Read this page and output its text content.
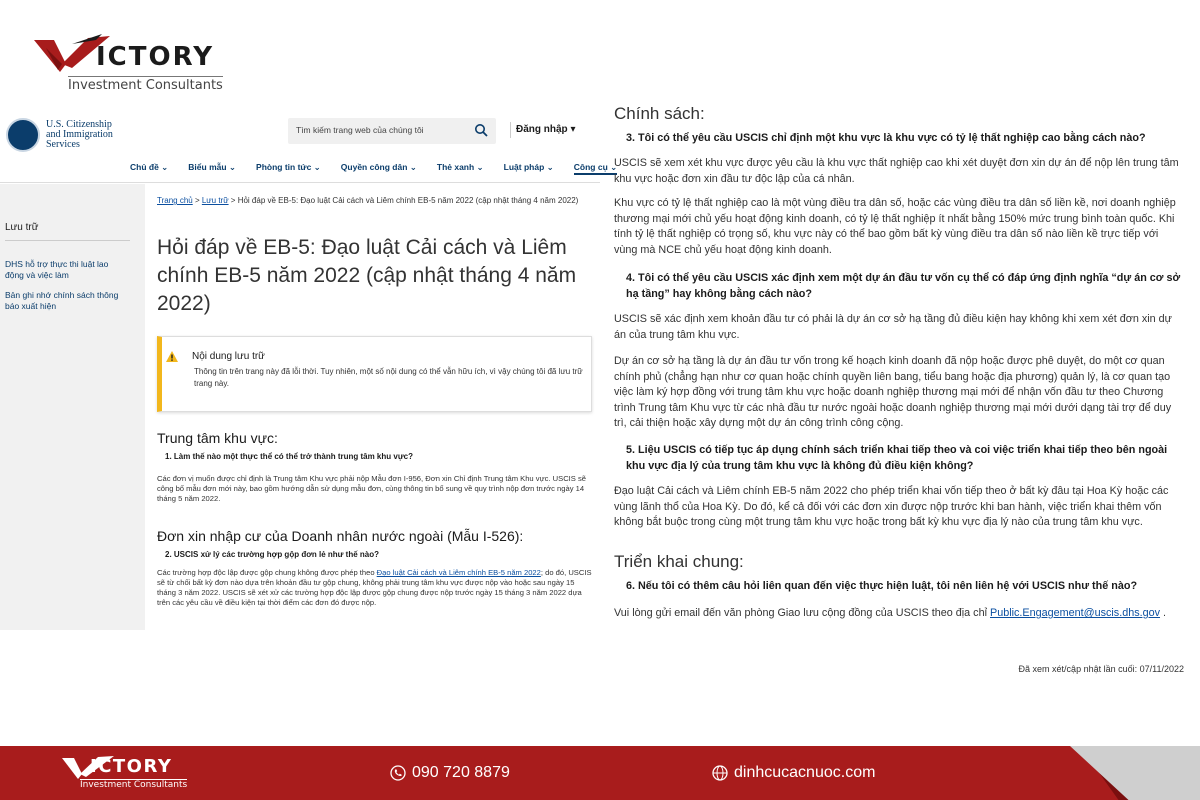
ICTORY
Investment Consultants
U.S. Citizenship
and Immigration
Services
Tìm kiếm trang web của chúng tôi	Đăng nhập ▾
Chủ đề ⌄ Biểu mẫu ⌄ Phòng tin tức ⌄ Quyền công dân ⌄ Thẻ xanh ⌄ Luật pháp ⌄ Công cụ ⌄
Lưu trữ
DHS hỗ trợ thực thi luật lao động và việc làm
Bản ghi nhớ chính sách thông báo xuất hiện
Trang chủ > Lưu trữ > Hỏi đáp về EB-5: Đạo luật Cải cách và Liêm chính EB-5 năm 2022 (cập nhật tháng 4 năm 2022)
Hỏi đáp về EB-5: Đạo luật Cải cách và Liêm chính EB-5 năm 2022 (cập nhật tháng 4 năm 2022)
Nội dung lưu trữ
Thông tin trên trang này đã lỗi thời. Tuy nhiên, một số nội dung có thể vẫn hữu ích, vì vậy chúng tôi đã lưu trữ trang này.
Trung tâm khu vực:
1. Làm thế nào một thực thể có thể trở thành trung tâm khu vực?
Các đơn vị muốn được chỉ định là Trung tâm Khu vực phải nộp Mẫu đơn I-956, Đơn xin Chỉ định Trung tâm Khu vực. USCIS sẽ công bố mẫu đơn mới này, bao gồm hướng dẫn sử dụng mẫu đơn, cùng thông tin bổ sung về quy trình nộp đơn trước ngày 14 tháng 5 năm 2022.
Đơn xin nhập cư của Doanh nhân nước ngoài (Mẫu I-526):
2. USCIS xử lý các trường hợp gộp đơn lẻ như thế nào?
Các trường hợp độc lập được gộp chung không được phép theo Đạo luật Cải cách và Liêm chính EB-5 năm 2022; do đó, USCIS sẽ từ chối bất kỳ đơn nào dựa trên khoản đầu tư gộp chung, không phải trung tâm khu vực được nộp vào hoặc sau ngày 15 tháng 3 năm 2022. USCIS sẽ xét xử các trường hợp độc lập được gộp chung được nộp trước ngày 15 tháng 3 năm 2022 dựa trên các yêu cầu về điều kiện tại thời điểm các đơn đó được nộp.
Chính sách:
3. Tôi có thể yêu cầu USCIS chỉ định một khu vực là khu vực có tỷ lệ thất nghiệp cao bằng cách nào?
USCIS sẽ xem xét khu vực được yêu cầu là khu vực thất nghiệp cao khi xét duyệt đơn xin dự án để nộp lên trung tâm khu vực hoặc đơn xin đầu tư độc lập của cá nhân.
Khu vực có tỷ lệ thất nghiệp cao là một vùng điều tra dân số, hoặc các vùng điều tra dân số liền kề, nơi doanh nghiệp thương mại mới chủ yếu hoạt động kinh doanh, có tỷ lệ thất nghiệp ít nhất bằng 150% mức trung bình toàn quốc. Khi tính tỷ lệ thất nghiệp có trọng số, khu vực này có thể bao gồm bất kỳ vùng điều tra dân số nào liền kề trực tiếp với vùng mà NCE chủ yếu hoạt động kinh doanh.
4. Tôi có thể yêu cầu USCIS xác định xem một dự án đầu tư vốn cụ thể có đáp ứng định nghĩa “dự án cơ sở hạ tầng” hay không bằng cách nào?
USCIS sẽ xác định xem khoản đầu tư có phải là dự án cơ sở hạ tầng đủ điều kiện hay không khi xem xét đơn xin dự án của trung tâm khu vực.
Dự án cơ sở hạ tầng là dự án đầu tư vốn trong kế hoạch kinh doanh đã nộp hoặc được phê duyệt, do một cơ quan chính phủ (chẳng hạn như cơ quan hoặc chính quyền liên bang, tiểu bang hoặc địa phương) quản lý, là cơ quan tạo việc làm ký hợp đồng với trung tâm khu vực hoặc doanh nghiệp thương mại mới để nhận vốn đầu tư theo Chương trình Trung tâm Khu vực từ các nhà đầu tư nước ngoài hoặc doanh nghiệp thương mại mới dưới dạng tài trợ để duy trì, cải thiện hoặc xây dựng một dự án công trình công cộng.
5. Liệu USCIS có tiếp tục áp dụng chính sách triển khai tiếp theo và coi việc triển khai tiếp theo bên ngoài khu vực địa lý của trung tâm khu vực là không đủ điều kiện không?
Đạo luật Cải cách và Liêm chính EB-5 năm 2022 cho phép triển khai vốn tiếp theo ở bất kỳ đâu tại Hoa Kỳ hoặc các vùng lãnh thổ của Hoa Kỳ. Do đó, kể cả đối với các đơn xin được nộp trước khi ban hành, việc triển khai thêm vốn không bắt buộc trong cùng một trung tâm khu vực hoặc trong bất kỳ khu vực địa lý nào của trung tâm khu vực.
Triển khai chung:
6. Nếu tôi có thêm câu hỏi liên quan đến việc thực hiện luật, tôi nên liên hệ với USCIS như thế nào?
Vui lòng gửi email đến văn phòng Giao lưu cộng đồng của USCIS theo địa chỉ Public.Engagement@uscis.dhs.gov .
Đã xem xét/cập nhật lần cuối: 07/11/2022
ICTORY
Investment Consultants
090 720 8879	dinhcucacnuoc.com
